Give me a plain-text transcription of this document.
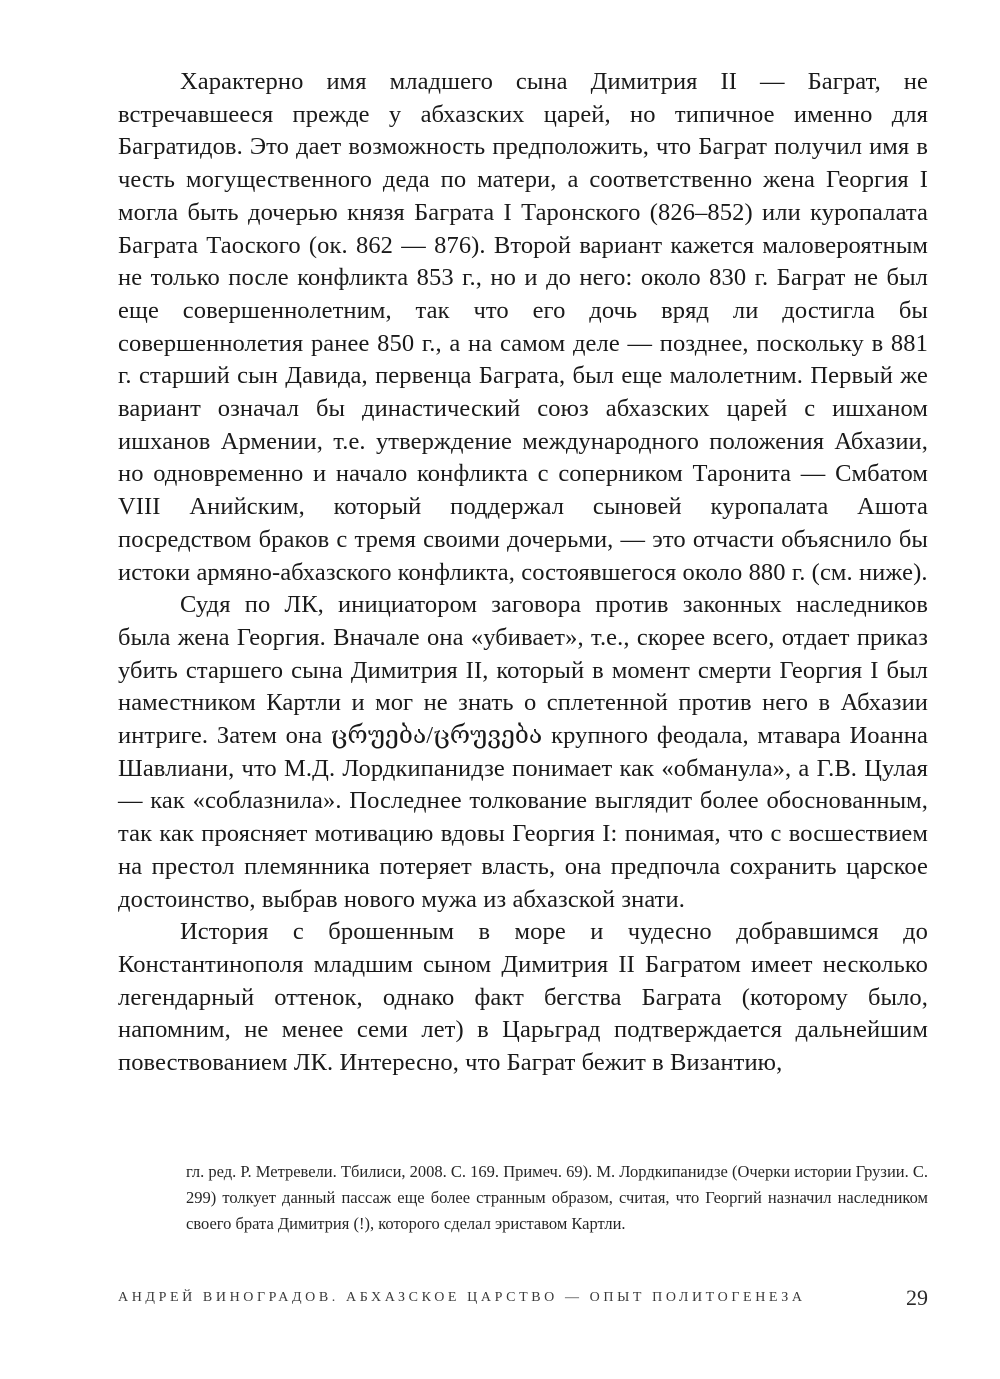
Характерно имя младшего сына Димитрия II — Баграт, не встречавшееся прежде у абхазских царей, но типичное именно для Багратидов. Это дает возможность предположить, что Баграт получил имя в честь могущественного деда по матери, а соответственно жена Георгия I могла быть дочерью князя Баграта I Таронского (826–852) или куропалата Баграта Таоского (ок. 862 — 876). Второй вариант кажется маловероятным не только после конфликта 853 г., но и до него: около 830 г. Баграт не был еще совершеннолетним, так что его дочь вряд ли достигла бы совершеннолетия ранее 850 г., а на самом деле — позднее, поскольку в 881 г. старший сын Давида, первенца Баграта, был еще малолетним. Первый же вариант означал бы династический союз абхазских царей с ишханом ишханов Армении, т.е. утверждение международного положения Абхазии, но одновременно и начало конфликта с соперником Таронита — Смбатом VIII Анийским, который поддержал сыновей куропалата Ашота посредством браков с тремя своими дочерьми, — это отчасти объяснило бы истоки армяно-абхазского конфликта, состоявшегося около 880 г. (см. ниже).

Судя по ЛК, инициатором заговора против законных наследников была жена Георгия. Вначале она «убивает», т.е., скорее всего, отдает приказ убить старшего сына Димитрия II, который в момент смерти Георгия I был наместником Картли и мог не знать о сплетенной против него в Абхазии интриге. Затем она ცრუება/ცრუვება крупного феодала, мтавара Иоанна Шавлиани, что М.Д. Лордкипанидзе понимает как «обманула», а Г.В. Цулая — как «соблазнила». Последнее толкование выглядит более обоснованным, так как проясняет мотивацию вдовы Георгия I: понимая, что с восшествием на престол племянника потеряет власть, она предпочла сохранить царское достоинство, выбрав нового мужа из абхазской знати.

История с брошенным в море и чудесно добравшимся до Константинополя младшим сыном Димитрия II Багратом имеет несколько легендарный оттенок, однако факт бегства Баграта (которому было, напомним, не менее семи лет) в Царьград подтверждается дальнейшим повествованием ЛК. Интересно, что Баграт бежит в Византию,

гл. ред. Р. Метревели. Тбилиси, 2008. С. 169. Примеч. 69). М. Лордкипанидзе (Очерки истории Грузии. С. 299) толкует данный пассаж еще более странным образом, считая, что Георгий назначил наследником своего брата Димитрия (!), которого сделал эриставом Картли.

АНДРЕЙ ВИНОГРАДОВ. АБХАЗСКОЕ ЦАРСТВО — ОПЫТ ПОЛИТОГЕНЕЗА	29
